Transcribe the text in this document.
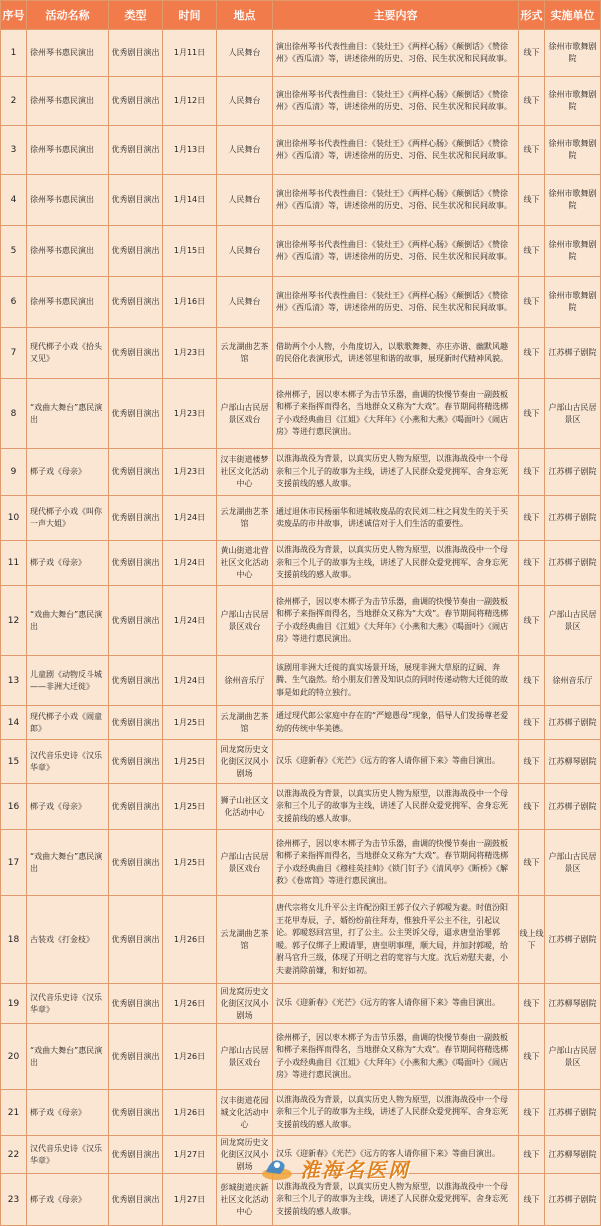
序号	活动名称	类型	时间	地点	主要内容	形式	实施单位
1	徐州琴书惠民演出	优秀剧目演出	1月11日	人民舞台	演出徐州琴书代表性曲目：《装灶王》《两样心肠》《颠倒话》《赞徐州》《西瓜清》等，讲述徐州的历史、习俗、民生状况和民间故事。	线下	徐州市歌舞剧院
2	徐州琴书惠民演出	优秀剧目演出	1月12日	人民舞台	演出徐州琴书代表性曲目：《装灶王》《两样心肠》《颠倒话》《赞徐州》《西瓜清》等，讲述徐州的历史、习俗、民生状况和民间故事。	线下	徐州市歌舞剧院
3	徐州琴书惠民演出	优秀剧目演出	1月13日	人民舞台	演出徐州琴书代表性曲目：《装灶王》《两样心肠》《颠倒话》《赞徐州》《西瓜清》等，讲述徐州的历史、习俗、民生状况和民间故事。	线下	徐州市歌舞剧院
4	徐州琴书惠民演出	优秀剧目演出	1月14日	人民舞台	演出徐州琴书代表性曲目：《装灶王》《两样心肠》《颠倒话》《赞徐州》《西瓜清》等，讲述徐州的历史、习俗、民生状况和民间故事。	线下	徐州市歌舞剧院
5	徐州琴书惠民演出	优秀剧目演出	1月15日	人民舞台	演出徐州琴书代表性曲目：《装灶王》《两样心肠》《颠倒话》《赞徐州》《西瓜清》等，讲述徐州的历史、习俗、民生状况和民间故事。	线下	徐州市歌舞剧院
6	徐州琴书惠民演出	优秀剧目演出	1月16日	人民舞台	演出徐州琴书代表性曲目：《装灶王》《两样心肠》《颠倒话》《赞徐州》《西瓜清》等，讲述徐州的历史、习俗、民生状况和民间故事。	线下	徐州市歌舞剧院
7	现代梆子小戏《拾头又见》	优秀剧目演出	1月23日	云龙湖曲艺茶馆	借助两个小人物，小角度切入，以歌歌舞舞、亦庄亦谐、幽默风趣的民俗化表演形式，讲述邻里和谐的故事，展现新时代精神风貌。	线下	江苏梆子剧院
8	“戏曲大舞台”惠民演出	优秀剧目演出	1月23日	户部山古民居景区戏台	徐州梆子，因以枣木梆子为击节乐器，曲调的快慢节奏由一副鼓板和梆子来指挥而得名，当地群众又称为“大戏”。春节期间将精选梆子小戏经典曲目《江姐》《大拜年》《小燕和大燕》《喝面叶》《闹店房》等进行惠民演出。	线下	户部山古民居景区
9	梆子戏《母亲》	优秀剧目演出	1月23日	汉丰街道楼梦社区文化活动中心	以淮海战役为背景，以真实历史人物为原型，以淮海战役中一个母亲和三个儿子的故事为主线，讲述了人民群众爱党拥军、舍身忘死支援前线的感人故事。	线下	江苏梆子剧院
10	现代梆子小戏《叫你一声大姐》	优秀剧目演出	1月24日	云龙湖曲艺茶馆	通过退休市民杨丽华和进城收废品的农民刘二柱之间发生的关于买卖废品的市井故事，讲述诚信对于人们生活的重要性。	线下	江苏梆子剧院
11	梆子戏《母亲》	优秀剧目演出	1月24日	黄山街道北营社区文化活动中心	以淮海战役为背景，以真实历史人物为原型，以淮海战役中一个母亲和三个儿子的故事为主线，讲述了人民群众爱党拥军、舍身忘死支援前线的感人故事。	线下	江苏梆子剧院
12	“戏曲大舞台”惠民演出	优秀剧目演出	1月24日	户部山古民居景区戏台	徐州梆子，因以枣木梆子为击节乐器，曲调的快慢节奏由一副鼓板和梆子来指挥而得名，当地群众又称为“大戏”。春节期间将精选梆子小戏经典曲目《江姐》《大拜年》《小燕和大燕》《喝面叶》《闹店房》等进行惠民演出。	线下	户部山古民居景区
13	儿童剧《动物反斗城——非洲大迁徙》	优秀剧目演出	1月24日	徐州音乐厅	该剧用非洲大迁徙的真实场景开场，展现非洲大草原的辽阔、奔腾、生气盎然。给小朋友们普及知识点的同时传递动物大迁徙的故事是如此的特立独行。	线下	徐州音乐厅
14	现代梆子小戏《闹童郎》	优秀剧目演出	1月25日	云龙湖曲艺茶馆	通过现代郎公家庭中存在的“严媳愚母”现象，倡导人们发扬尊老爱幼的传统中华美德。	线下	江苏梆子剧院
15	汉代音乐史诗《汉乐华章》	优秀剧目演出	1月25日	回龙窝历史文化街区汉风小剧场	汉乐《迎新春》《光芒》《远方的客人请你留下来》等曲目演出。	线下	江苏柳琴剧院
16	梆子戏《母亲》	优秀剧目演出	1月25日	狮子山社区文化活动中心	以淮海战役为背景，以真实历史人物为原型，以淮海战役中一个母亲和三个儿子的故事为主线，讲述了人民群众爱党拥军、舍身忘死支援前线的感人故事。	线下	江苏梆子剧院
17	“戏曲大舞台”惠民演出	优秀剧目演出	1月25日	户部山古民居景区戏台	徐州梆子，因以枣木梆子为击节乐器，曲调的快慢节奏由一副鼓板和梆子来指挥而得名，当地群众又称为“大戏”。春节期间将精选梆子小戏经典曲目《穆桂英挂帅》《锁门钉子》《清风亭》《断桥》《解救》《卷席筒》等进行惠民演出。	线下	户部山古民居景区
18	古装戏《打金枝》	优秀剧目演出	1月26日	云龙湖曲艺茶馆	唐代宗将女儿升平公主许配汾阳王郭子仪六子郭暧为妻。时值汾阳王花甲寿辰，子、婿纷纷前往拜寿，惟独升平公主不往，引起议论。郭暧怒回宫里，打了公主。公主哭诉父母，逼求唐皇治罪郭暧。郭子仪绑子上殿请罪，唐皇明事理，顺大局，并加封郭暧，给驸马官升三级，体现了开明之君的宽容与大度。沈后劝慰夫妻，小夫妻消除前嫌，和好如初。	线上线下	江苏梆子剧院
19	汉代音乐史诗《汉乐华章》	优秀剧目演出	1月26日	回龙窝历史文化街区汉风小剧场	汉乐《迎新春》《光芒》《远方的客人请你留下来》等曲目演出。	线下	江苏柳琴剧院
20	“戏曲大舞台”惠民演出	优秀剧目演出	1月26日	户部山古民居景区戏台	徐州梆子，因以枣木梆子为击节乐器，曲调的快慢节奏由一副鼓板和梆子来指挥而得名，当地群众又称为“大戏”。春节期间将精选梆子小戏经典曲目《江姐》《大拜年》《小燕和大燕》《喝面叶》《闹店房》等进行惠民演出。	线下	户部山古民居景区
21	梆子戏《母亲》	优秀剧目演出	1月26日	汉丰街道花园城文化活动中心	以淮海战役为背景，以真实历史人物为原型，以淮海战役中一个母亲和三个儿子的故事为主线，讲述了人民群众爱党拥军、舍身忘死支援前线的感人故事。	线下	江苏梆子剧院
22	汉代音乐史诗《汉乐华章》	优秀剧目演出	1月27日	回龙窝历史文化街区汉风小剧场	汉乐《迎新春》《光芒》《远方的客人请你留下来》等曲目演出。	线下	江苏柳琴剧院
23	梆子戏《母亲》	优秀剧目演出	1月27日	彭城街道庆新社区文化活动中心	以淮海战役为背景，以真实历史人物为原型，以淮海战役中一个母亲和三个儿子的故事为主线，讲述了人民群众爱党拥军、舍身忘死支援前线的感人故事。	线下	江苏梆子剧院
淮海名医网
